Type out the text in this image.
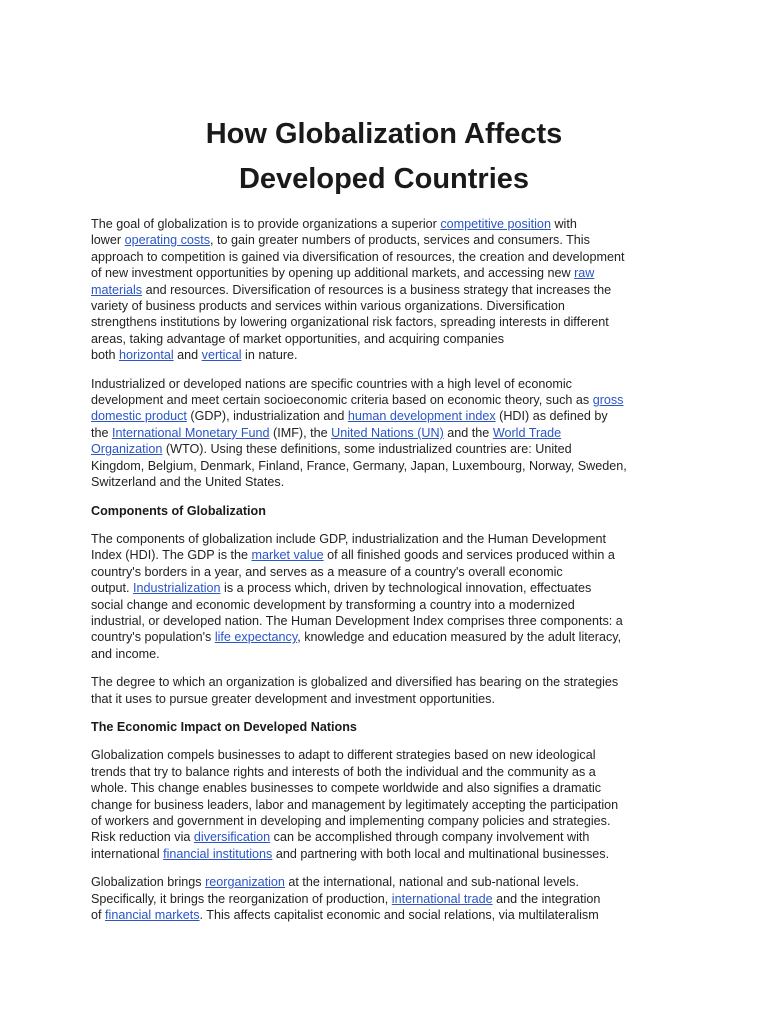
How Globalization Affects
Developed Countries

The goal of globalization is to provide organizations a superior competitive position with
lower operating costs, to gain greater numbers of products, services and consumers. This
approach to competition is gained via diversification of resources, the creation and development
of new investment opportunities by opening up additional markets, and accessing new raw
materials and resources. Diversification of resources is a business strategy that increases the
variety of business products and services within various organizations. Diversification
strengthens institutions by lowering organizational risk factors, spreading interests in different
areas, taking advantage of market opportunities, and acquiring companies
both horizontal and vertical in nature.

Industrialized or developed nations are specific countries with a high level of economic
development and meet certain socioeconomic criteria based on economic theory, such as gross
domestic product (GDP), industrialization and human development index (HDI) as defined by
the International Monetary Fund (IMF), the United Nations (UN) and the World Trade
Organization (WTO). Using these definitions, some industrialized countries are: United
Kingdom, Belgium, Denmark, Finland, France, Germany, Japan, Luxembourg, Norway, Sweden,
Switzerland and the United States.

Components of Globalization

The components of globalization include GDP, industrialization and the Human Development
Index (HDI). The GDP is the market value of all finished goods and services produced within a
country's borders in a year, and serves as a measure of a country's overall economic
output. Industrialization is a process which, driven by technological innovation, effectuates
social change and economic development by transforming a country into a modernized
industrial, or developed nation. The Human Development Index comprises three components: a
country's population's life expectancy, knowledge and education measured by the adult literacy,
and income.

The degree to which an organization is globalized and diversified has bearing on the strategies
that it uses to pursue greater development and investment opportunities.

The Economic Impact on Developed Nations

Globalization compels businesses to adapt to different strategies based on new ideological
trends that try to balance rights and interests of both the individual and the community as a
whole. This change enables businesses to compete worldwide and also signifies a dramatic
change for business leaders, labor and management by legitimately accepting the participation
of workers and government in developing and implementing company policies and strategies.
Risk reduction via diversification can be accomplished through company involvement with
international financial institutions and partnering with both local and multinational businesses.

Globalization brings reorganization at the international, national and sub-national levels.
Specifically, it brings the reorganization of production, international trade and the integration
of financial markets. This affects capitalist economic and social relations, via multilateralism
